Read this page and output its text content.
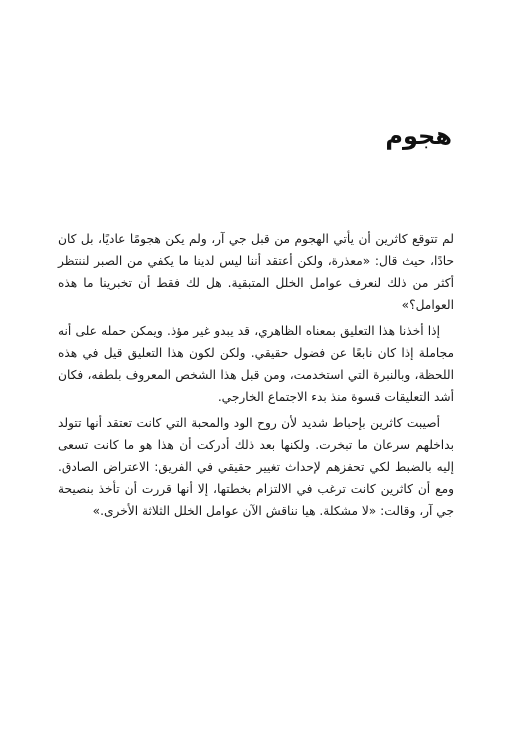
هجوم

لم تتوقع كاثرين أن يأتي الهجوم من قبل جي آر، ولم يكن هجومًا عاديًا، بل كان حادًا، حيث قال: «معذرة، ولكن أعتقد أننا ليس لدينا ما يكفي من الصبر لننتظر أكثر من ذلك لنعرف عوامل الخلل المتبقية. هل لك فقط أن تخبرينا ما هذه العوامل؟»

إذا أخذنا هذا التعليق بمعناه الظاهري، قد يبدو غير مؤذ. ويمكن حمله على أنه مجاملة إذا كان نابعًا عن فضول حقيقي. ولكن لكون هذا التعليق قيل في هذه اللحظة، وبالنبرة التي استخدمت، ومن قبل هذا الشخص المعروف بلطفه، فكان أشد التعليقات قسوة منذ بدء الاجتماع الخارجي.

أصيبت كاثرين بإحباط شديد لأن روح الود والمحبة التي كانت تعتقد أنها تتولد بداخلهم سرعان ما تبخرت. ولكنها بعد ذلك أدركت أن هذا هو ما كانت تسعى إليه بالضبط لكي تحفزهم لإحداث تغيير حقيقي في الفريق: الاعتراض الصادق. ومع أن كاثرين كانت ترغب في الالتزام بخطتها، إلا أنها قررت أن تأخذ بنصيحة جي آر، وقالت: «لا مشكلة. هيا نناقش الآن عوامل الخلل الثلاثة الأخرى.»
